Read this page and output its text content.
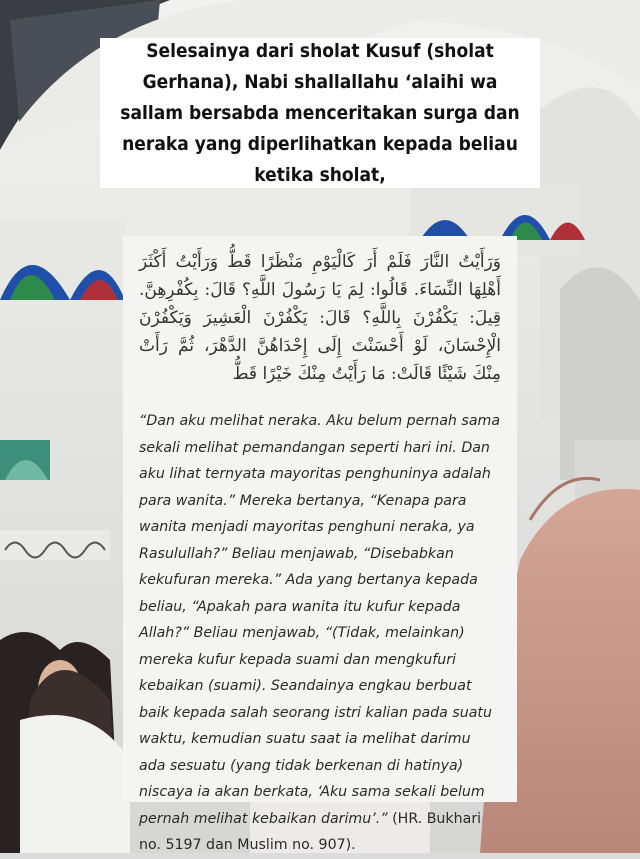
Selesainya dari sholat Kusuf (sholat Gerhana), Nabi shallallahu ‘alaihi wa sallam bersabda menceritakan surga dan neraka yang diperlihatkan kepada beliau ketika sholat,

وَرَأَيْتُ النَّارَ فَلَمْ أَرَ كَالْيَوْمِ مَنْظَرًا قَطُّ وَرَأَيْتُ أَكْثَرَ أَهْلِهَا النِّسَاءَ. قَالُوا: لِمَ يَا رَسُولَ اللَّهِ؟ قَالَ: بِكُفْرِهِنَّ. قِيلَ: يَكْفُرْنَ بِاللَّهِ؟ قَالَ: يَكْفُرْنَ الْعَشِيرَ وَيَكْفُرْنَ الْإِحْسَانَ، لَوْ أَحْسَنْتَ إِلَى إِحْدَاهُنَّ الدَّهْرَ، ثُمَّ رَأَتْ مِنْكَ شَيْئًا قَالَتْ: مَا رَأَيْتُ مِنْكَ خَيْرًا قَطُّ

“Dan aku melihat neraka. Aku belum pernah sama sekali melihat pemandangan seperti hari ini. Dan aku lihat ternyata mayoritas penghuninya adalah para wanita.” Mereka bertanya, “Kenapa para wanita menjadi mayoritas penghuni neraka, ya Rasulullah?” Beliau menjawab, “Disebabkan kekufuran mereka.” Ada yang bertanya kepada beliau, “Apakah para wanita itu kufur kepada Allah?” Beliau menjawab, “(Tidak, melainkan) mereka kufur kepada suami dan mengkufuri kebaikan (suami). Seandainya engkau berbuat baik kepada salah seorang istri kalian pada suatu waktu, kemudian suatu saat ia melihat darimu ada sesuatu (yang tidak berkenan di hatinya) niscaya ia akan berkata, ‘Aku sama sekali belum pernah melihat kebaikan darimu’.” (HR. Bukhari no. 5197 dan Muslim no. 907).
